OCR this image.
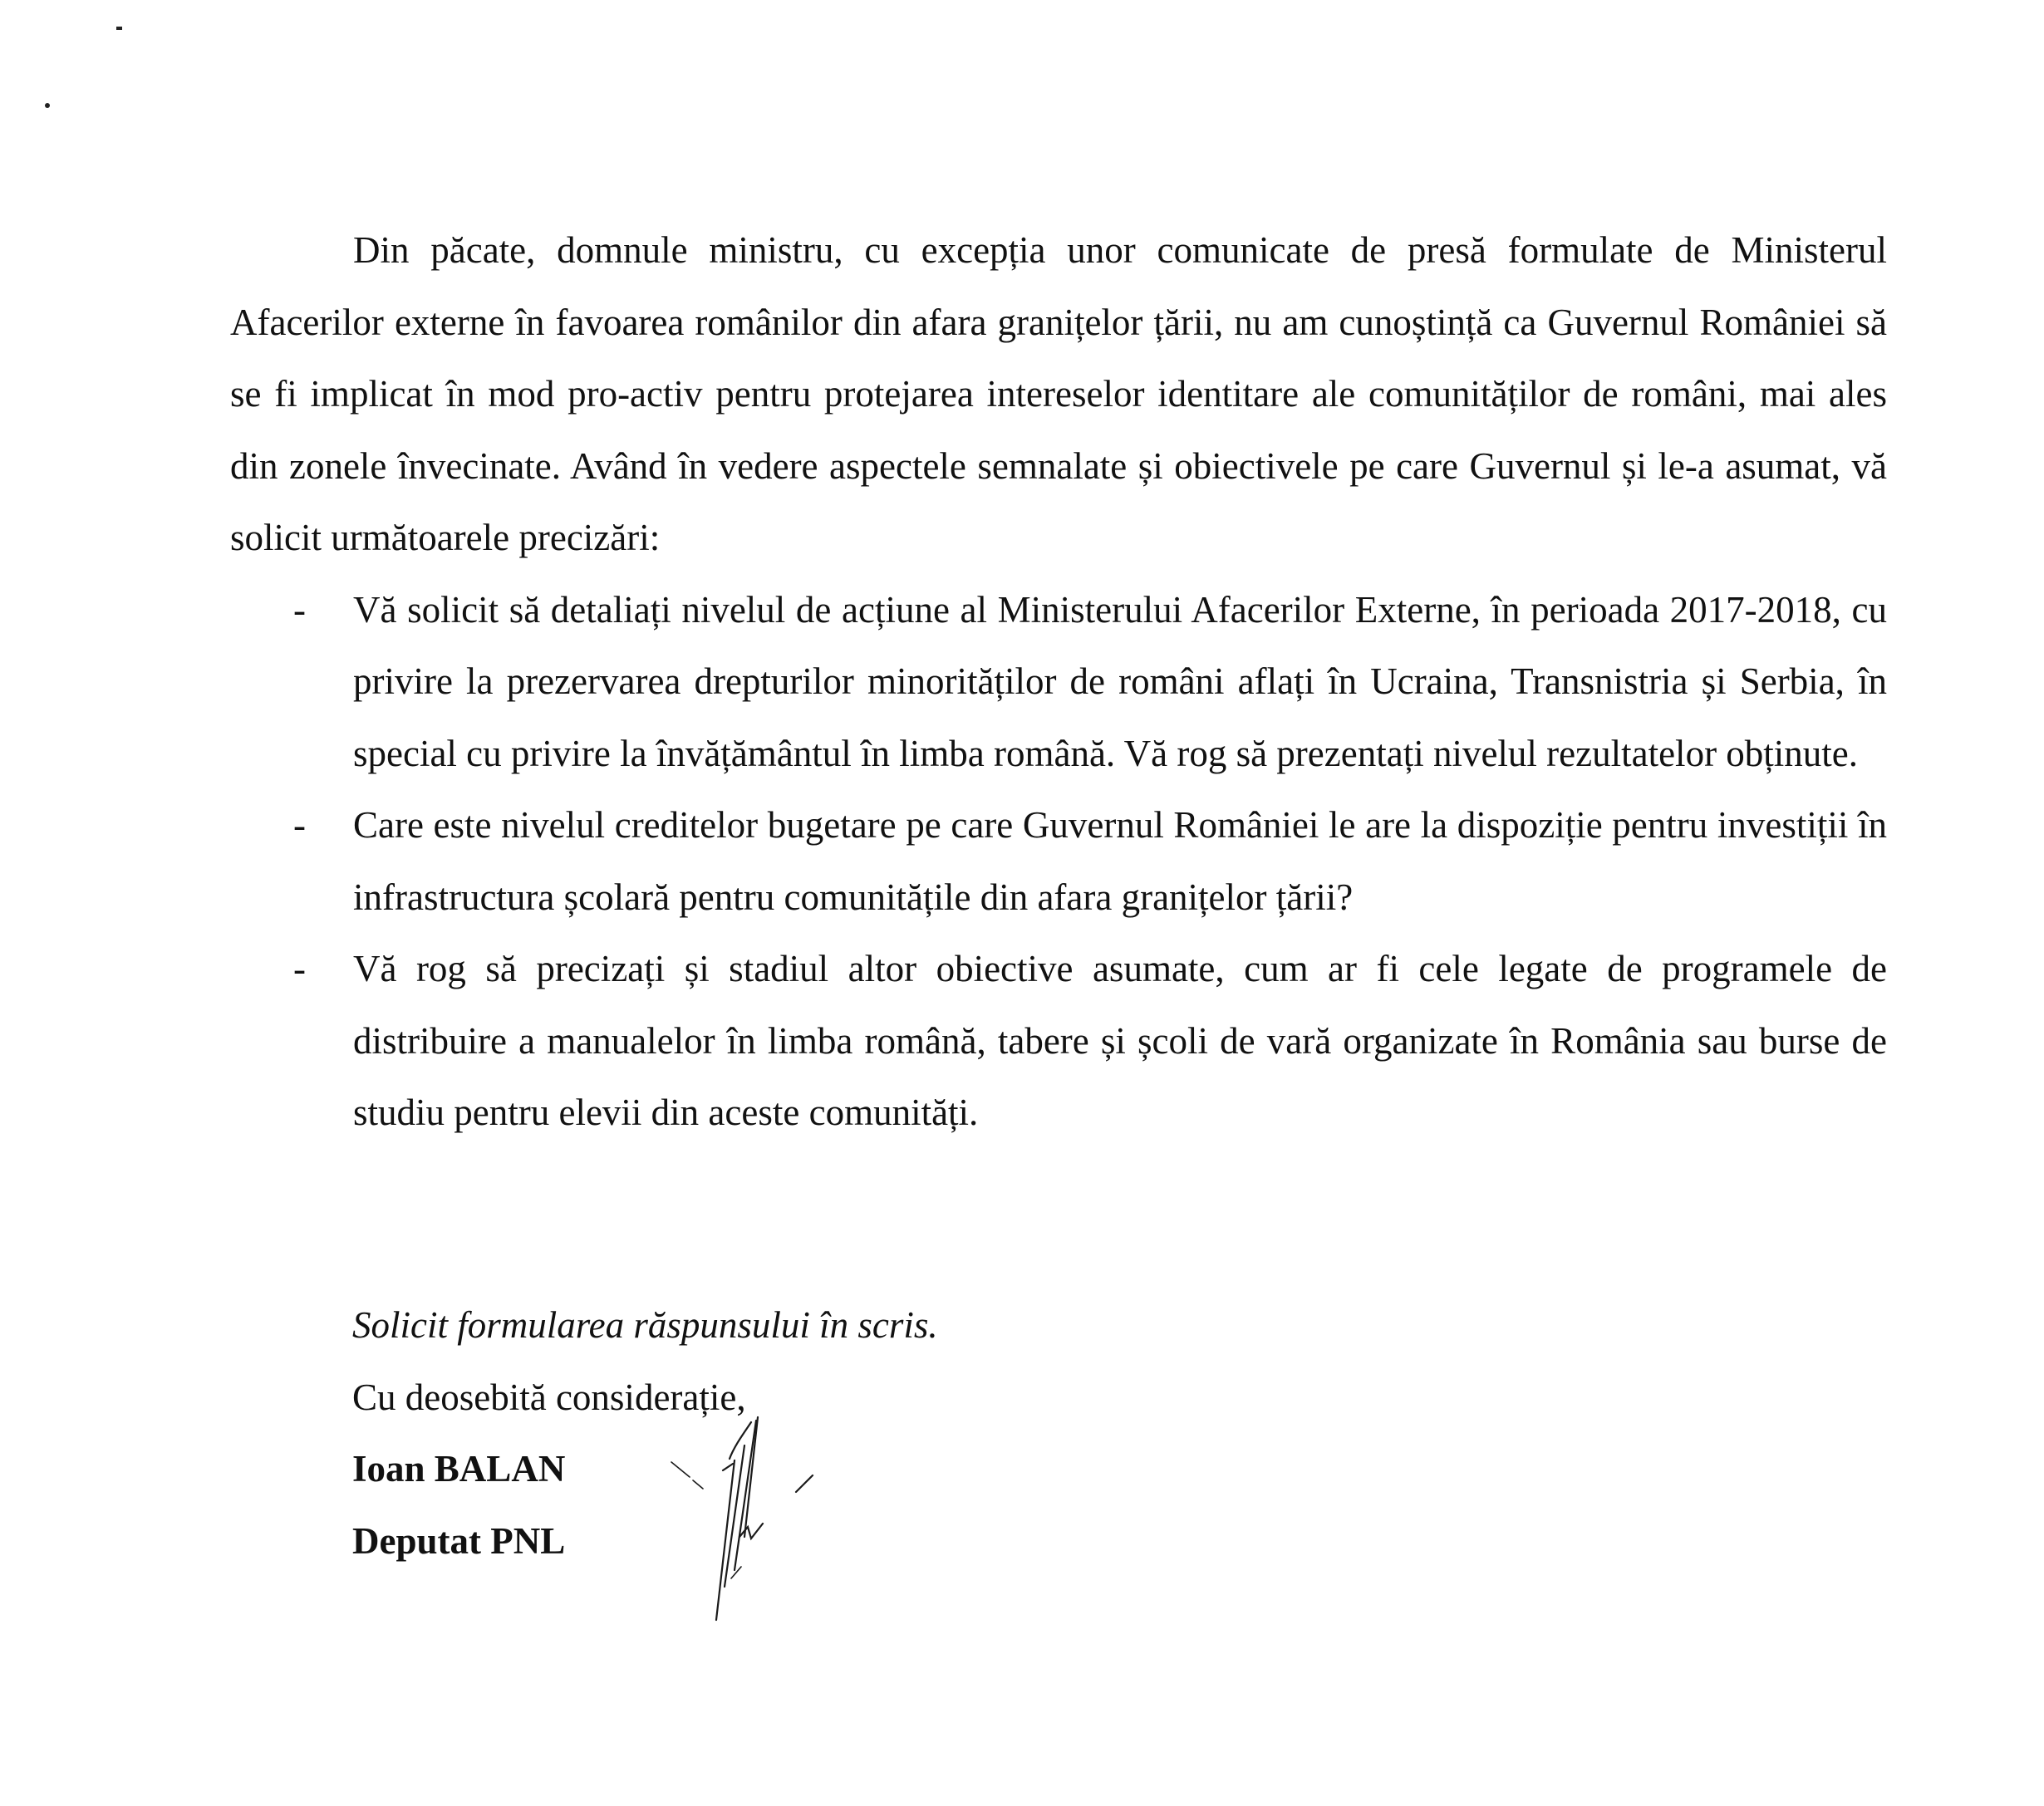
Din păcate, domnule ministru, cu excepția unor comunicate de presă formulate de Ministerul Afacerilor externe în favoarea românilor din afara granițelor țării, nu am cunoștință ca Guvernul României să se fi implicat în mod pro-activ pentru protejarea intereselor identitare ale comunităților de români, mai ales din zonele învecinate. Având în vedere aspectele semnalate și obiectivele pe care Guvernul și le-a asumat, vă solicit următoarele precizări:

- Vă solicit să detaliați nivelul de acțiune al Ministerului Afacerilor Externe, în perioada 2017-2018, cu privire la prezervarea drepturilor minorităților de români aflați în Ucraina, Transnistria și Serbia, în special cu privire la învățământul în limba română. Vă rog să prezentați nivelul rezultatelor obținute.
- Care este nivelul creditelor bugetare pe care Guvernul României le are la dispoziție pentru investiții în infrastructura școlară pentru comunitățile din afara granițelor țării?
- Vă rog să precizați și stadiul altor obiective asumate, cum ar fi cele legate de programele de distribuire a manualelor în limba română, tabere și școli de vară organizate în România sau burse de studiu pentru elevii din aceste comunități.
Solicit formularea răspunsului în scris.
Cu deosebită considerație,
Ioan BALAN
Deputat PNL
